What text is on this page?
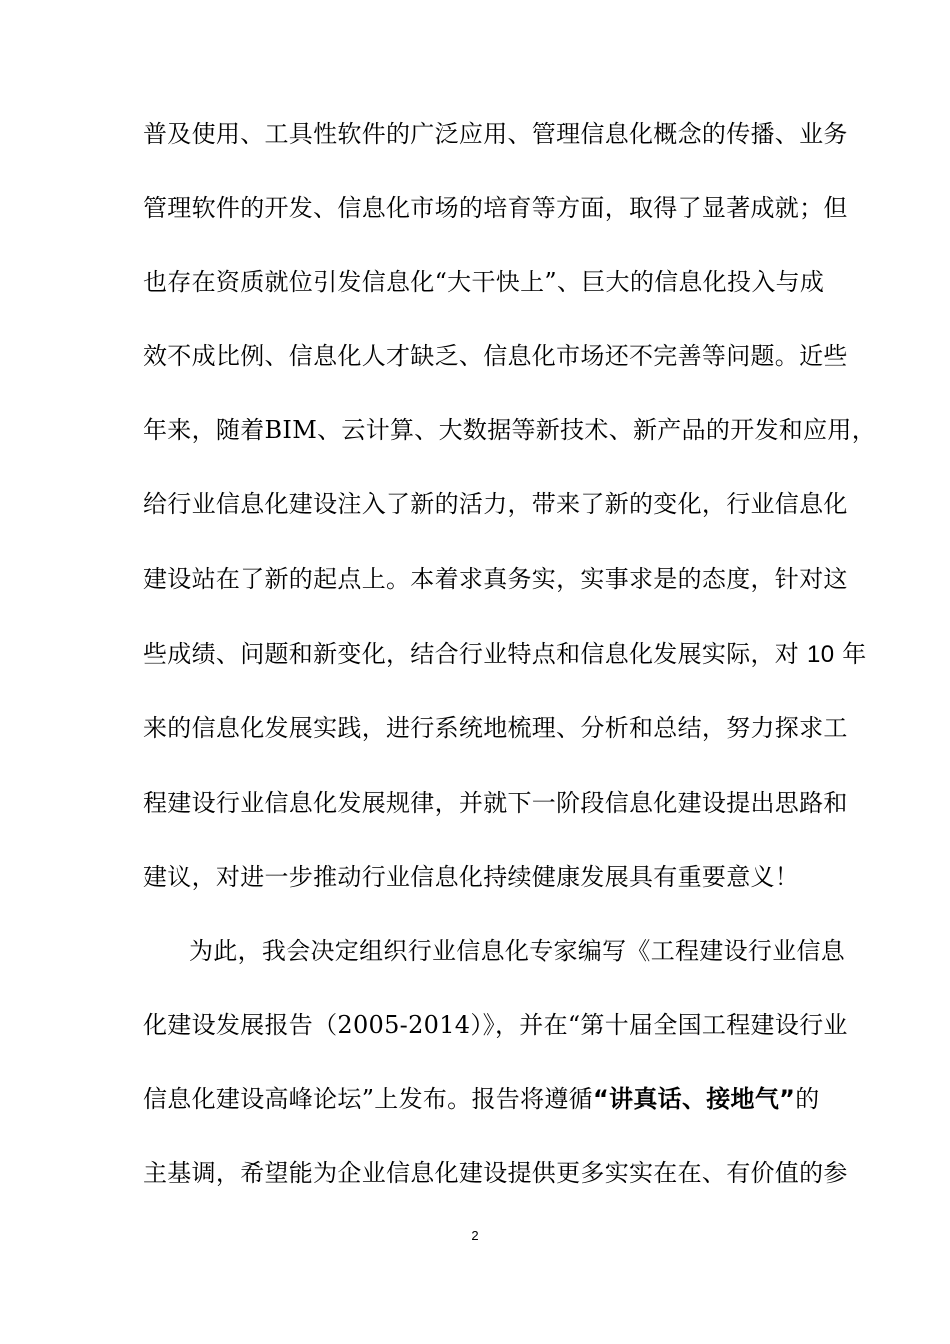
普及使用、工具性软件的广泛应用、管理信息化概念的传播、业务
管理软件的开发、信息化市场的培育等方面，取得了显著成就；但
也存在资质就位引发信息化“大干快上”、巨大的信息化投入与成
效不成比例、信息化人才缺乏、信息化市场还不完善等问题。近些
年来，随着BIM、云计算、大数据等新技术、新产品的开发和应用，
给行业信息化建设注入了新的活力，带来了新的变化，行业信息化
建设站在了新的起点上。本着求真务实，实事求是的态度，针对这
些成绩、问题和新变化，结合行业特点和信息化发展实际，对 10 年
来的信息化发展实践，进行系统地梳理、分析和总结，努力探求工
程建设行业信息化发展规律，并就下一阶段信息化建设提出思路和
建议，对进一步推动行业信息化持续健康发展具有重要意义！
为此，我会决定组织行业信息化专家编写《工程建设行业信息
化建设发展报告（2005-2014）》，并在“第十届全国工程建设行业
信息化建设高峰论坛”上发布。报告将遵循“讲真话、接地气”的
主基调，希望能为企业信息化建设提供更多实实在在、有价值的参
2
